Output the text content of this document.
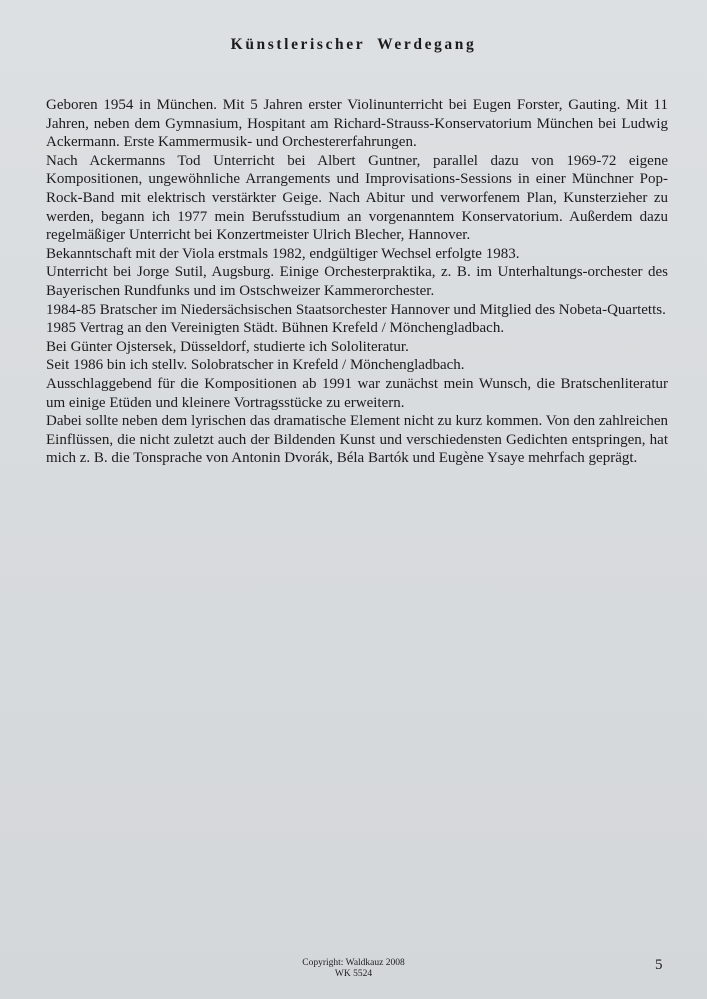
Künstlerischer Werdegang

Geboren 1954 in München. Mit 5 Jahren erster Violinunterricht bei Eugen Forster, Gauting. Mit 11 Jahren, neben dem Gymnasium, Hospitant am Richard-Strauss-Konservatorium München bei Ludwig Ackermann. Erste Kammermusik- und Orchestererfahrungen.

Nach Ackermanns Tod Unterricht bei Albert Guntner, parallel dazu von 1969-72 eigene Kompositionen, ungewöhnliche Arrangements und Improvisations-Sessions in einer Münchner Pop-Rock-Band mit elektrisch verstärkter Geige. Nach Abitur und verworfenem Plan, Kunsterzieher zu werden, begann ich 1977 mein Berufsstudium an vorgenanntem Konservatorium. Außerdem dazu regelmäßiger Unterricht bei Konzertmeister Ulrich Blecher, Hannover.

Bekanntschaft mit der Viola erstmals 1982, endgültiger Wechsel erfolgte 1983.

Unterricht bei Jorge Sutil, Augsburg. Einige Orchesterpraktika, z. B. im Unterhaltungs-orchester des Bayerischen Rundfunks und im Ostschweizer Kammerorchester.

1984-85 Bratscher im Niedersächsischen Staatsorchester Hannover und Mitglied des Nobeta-Quartetts.

1985 Vertrag an den Vereinigten Städt. Bühnen Krefeld / Mönchengladbach.

Bei Günter Ojstersek, Düsseldorf, studierte ich Sololiteratur.

Seit 1986 bin ich stellv. Solobratscher in Krefeld / Mönchengladbach.

Ausschlaggebend für die Kompositionen ab 1991 war zunächst mein Wunsch, die Bratschenliteratur um einige Etüden und kleinere Vortragsstücke zu erweitern.

Dabei sollte neben dem lyrischen das dramatische Element nicht zu kurz kommen. Von den zahlreichen Einflüssen, die nicht zuletzt auch der Bildenden Kunst und verschiedensten Gedichten entspringen, hat mich z. B. die Tonsprache von Antonin Dvorák, Béla Bartók und Eugène Ysaye mehrfach geprägt.

Copyright: Waldkauz 2008
WK 5524
5
